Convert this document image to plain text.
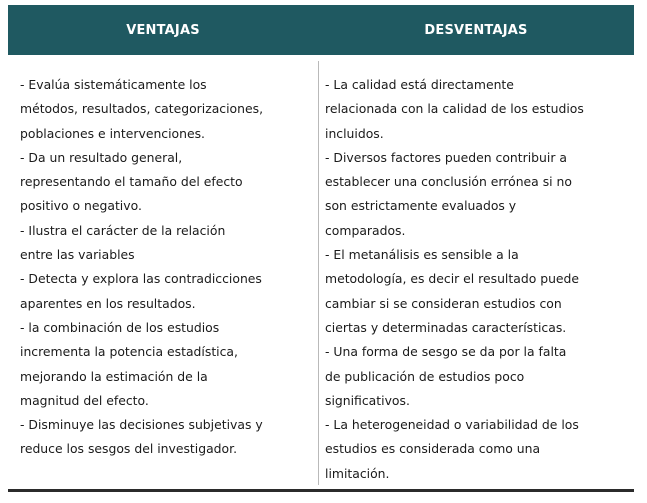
VENTAJAS	DESVENTAJAS

- Evalúa sistemáticamente los
métodos, resultados, categorizaciones,
poblaciones e intervenciones.

- Da un resultado general,
representando el tamaño del efecto
positivo o negativo.

- Ilustra el carácter de la relación
entre las variables

- Detecta y explora las contradicciones
aparentes en los resultados.

- la combinación de los estudios
incrementa la potencia estadística,
mejorando la estimación de la
magnitud del efecto.

- Disminuye las decisiones subjetivas y
reduce los sesgos del investigador.

- La calidad está directamente
relacionada con la calidad de los estudios
incluidos.

- Diversos factores pueden contribuir a
establecer una conclusión errónea si no
son estrictamente evaluados y
comparados.

- El metanálisis es sensible a la
metodología, es decir el resultado puede
cambiar si se consideran estudios con
ciertas y determinadas características.

- Una forma de sesgo se da por la falta
de publicación de estudios poco
significativos.

- La heterogeneidad o variabilidad de los
estudios es considerada como una
limitación.
